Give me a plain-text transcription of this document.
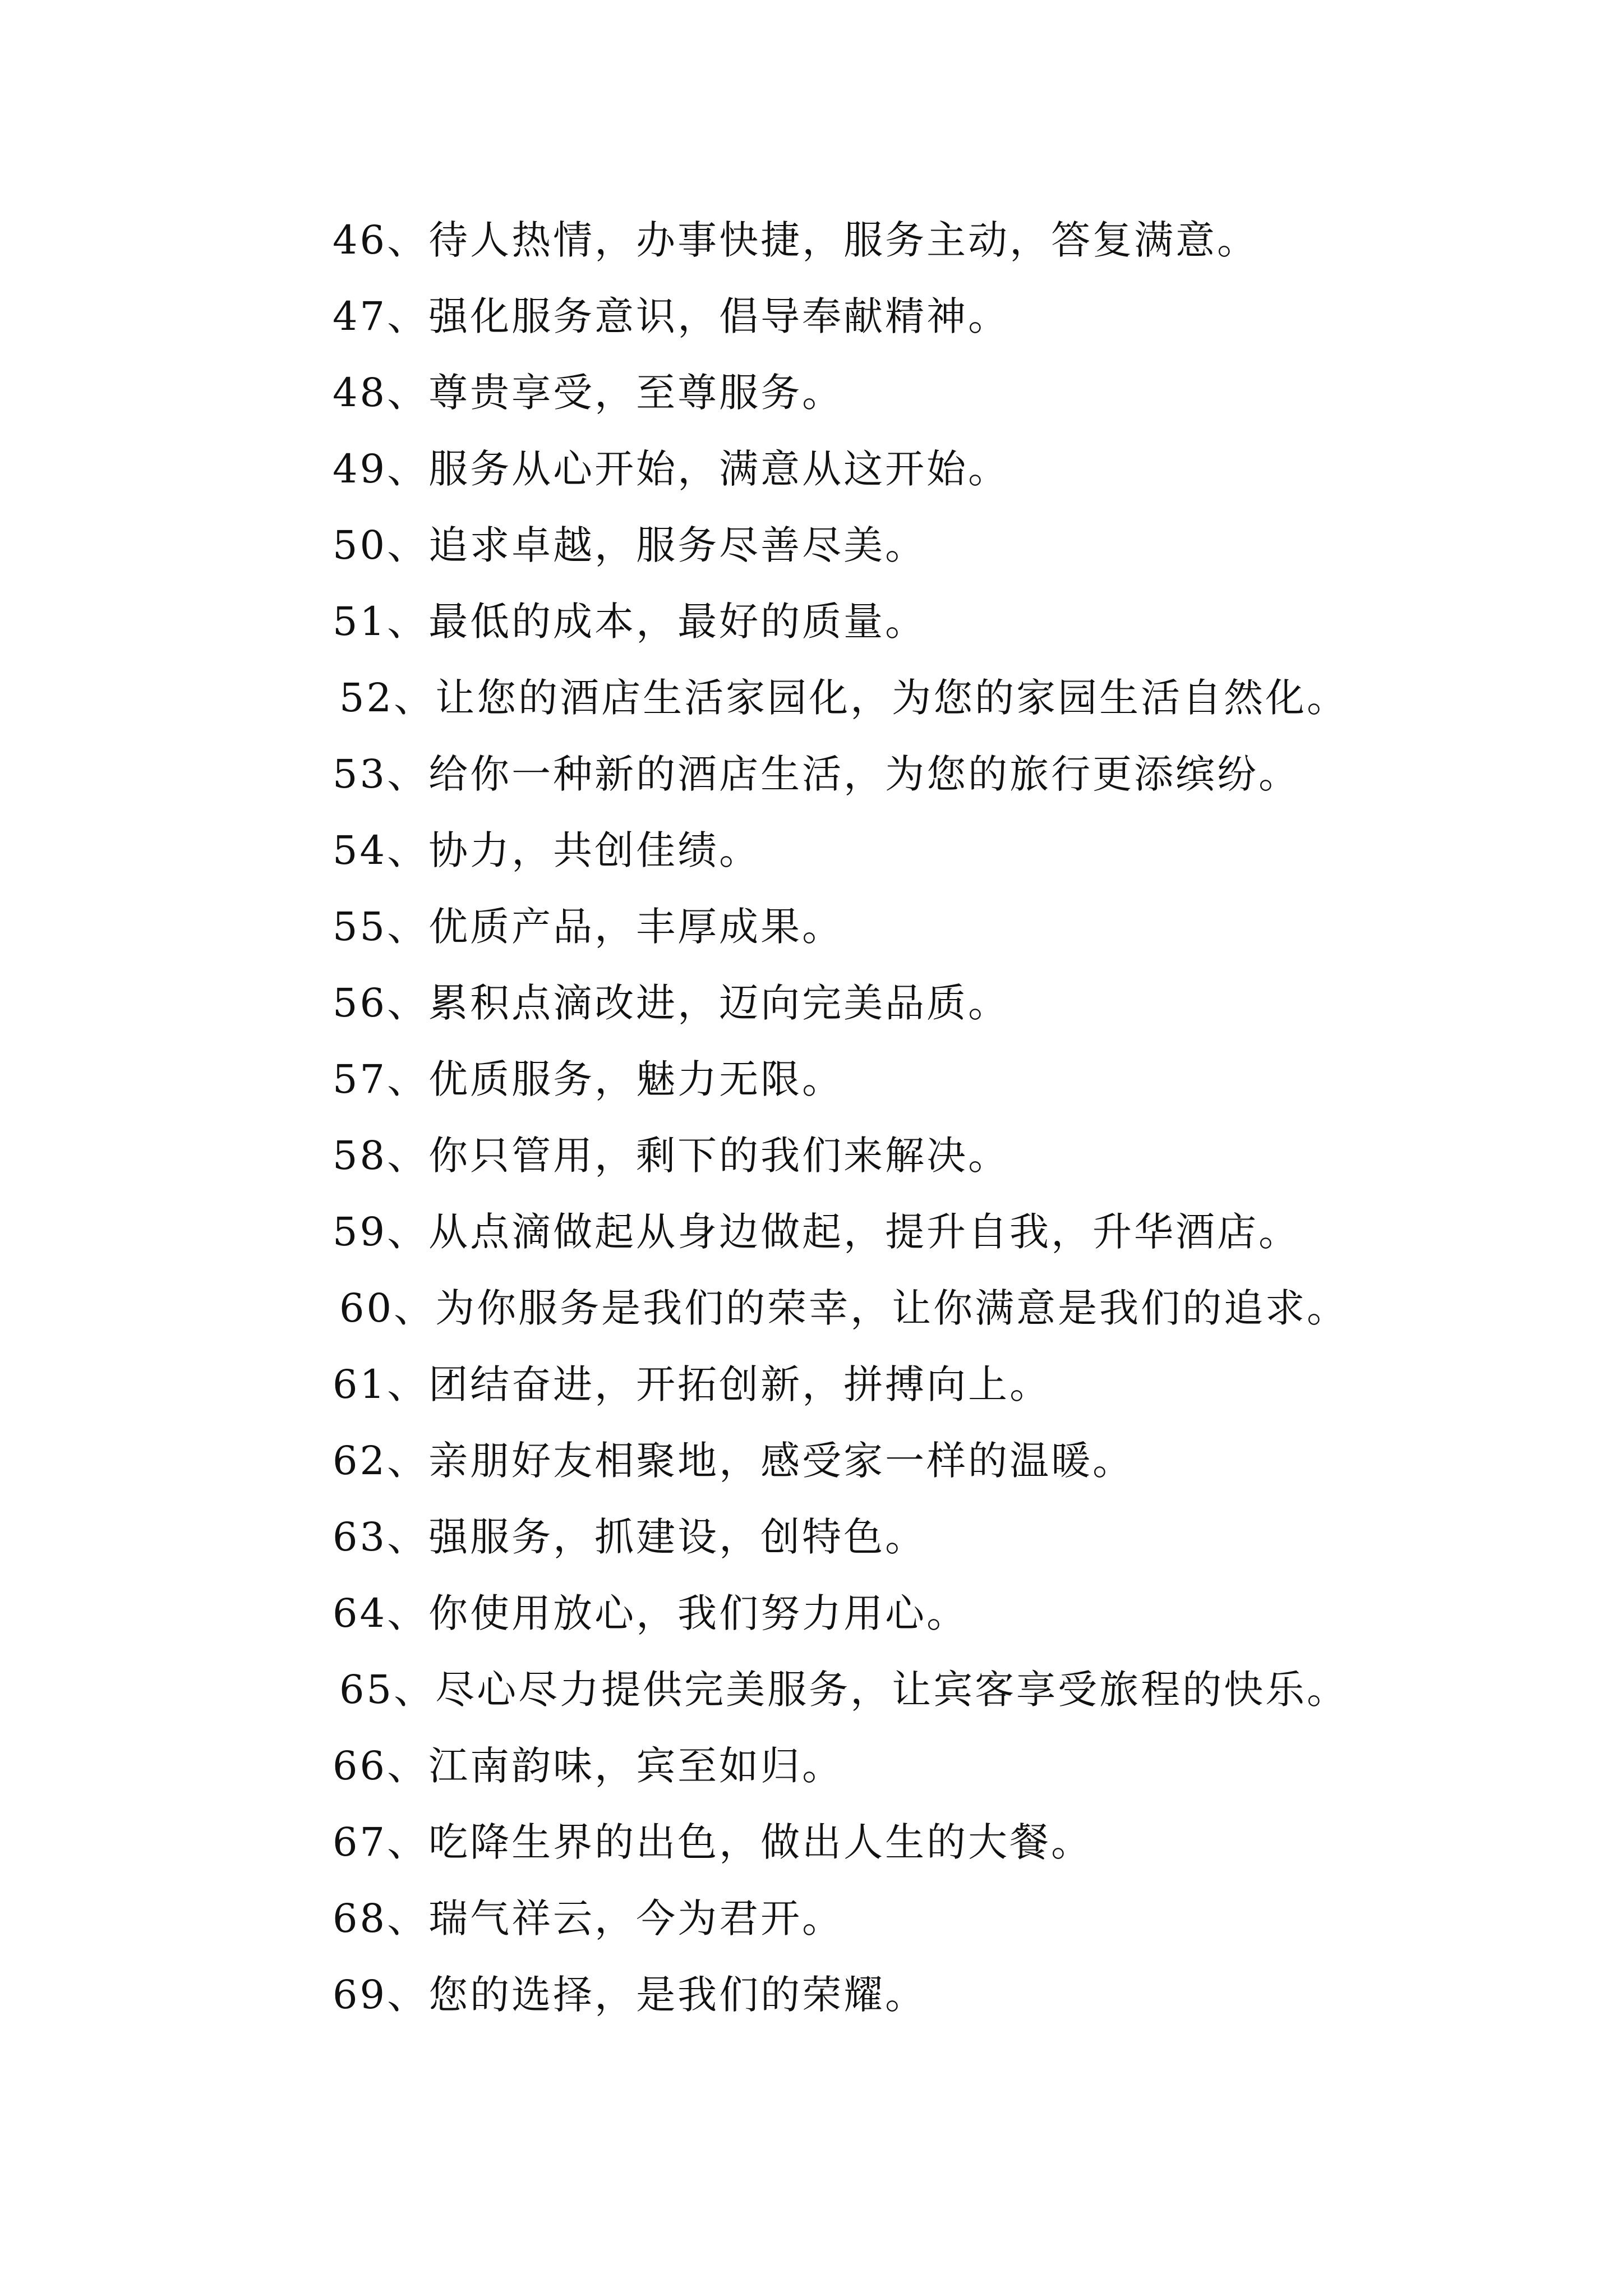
46、待人热情，办事快捷，服务主动，答复满意。
47、强化服务意识，倡导奉献精神。
48、尊贵享受，至尊服务。
49、服务从心开始，满意从这开始。
50、追求卓越，服务尽善尽美。
51、最低的成本，最好的质量。
52、让您的酒店生活家园化，为您的家园生活自然化。
53、给你一种新的酒店生活，为您的旅行更添缤纷。
54、协力，共创佳绩。
55、优质产品，丰厚成果。
56、累积点滴改进，迈向完美品质。
57、优质服务，魅力无限。
58、你只管用，剩下的我们来解决。
59、从点滴做起从身边做起，提升自我，升华酒店。
60、为你服务是我们的荣幸，让你满意是我们的追求。
61、团结奋进，开拓创新，拼搏向上。
62、亲朋好友相聚地，感受家一样的温暖。
63、强服务，抓建设，创特色。
64、你使用放心，我们努力用心。
65、尽心尽力提供完美服务，让宾客享受旅程的快乐。
66、江南韵味，宾至如归。
67、吃降生界的出色，做出人生的大餐。
68、瑞气祥云，今为君开。
69、您的选择，是我们的荣耀。
